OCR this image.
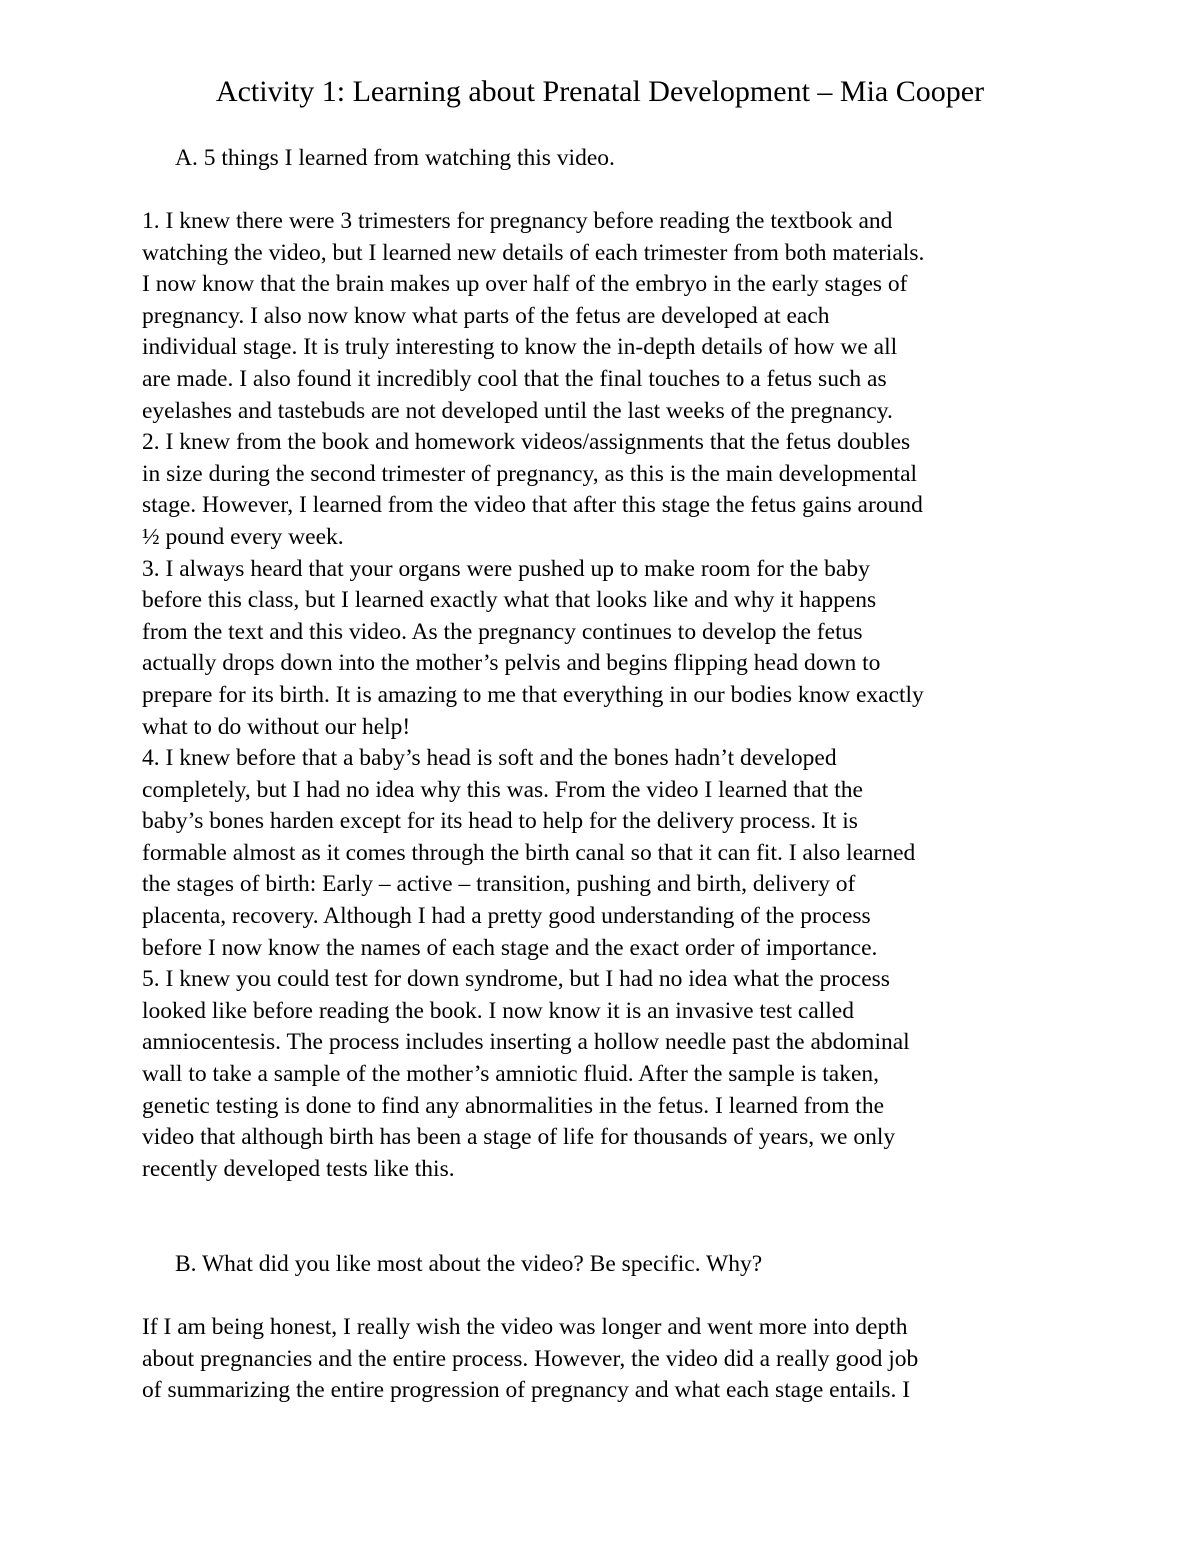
Activity 1: Learning about Prenatal Development – Mia Cooper

A. 5 things I learned from watching this video.

1. I knew there were 3 trimesters for pregnancy before reading the textbook and
watching the video, but I learned new details of each trimester from both materials.
I now know that the brain makes up over half of the embryo in the early stages of
pregnancy. I also now know what parts of the fetus are developed at each
individual stage. It is truly interesting to know the in-depth details of how we all
are made. I also found it incredibly cool that the final touches to a fetus such as
eyelashes and tastebuds are not developed until the last weeks of the pregnancy.
2. I knew from the book and homework videos/assignments that the fetus doubles
in size during the second trimester of pregnancy, as this is the main developmental
stage. However, I learned from the video that after this stage the fetus gains around
½ pound every week.
3. I always heard that your organs were pushed up to make room for the baby
before this class, but I learned exactly what that looks like and why it happens
from the text and this video. As the pregnancy continues to develop the fetus
actually drops down into the mother’s pelvis and begins flipping head down to
prepare for its birth. It is amazing to me that everything in our bodies know exactly
what to do without our help!
4. I knew before that a baby’s head is soft and the bones hadn’t developed
completely, but I had no idea why this was. From the video I learned that the
baby’s bones harden except for its head to help for the delivery process. It is
formable almost as it comes through the birth canal so that it can fit. I also learned
the stages of birth: Early – active – transition, pushing and birth, delivery of
placenta, recovery. Although I had a pretty good understanding of the process
before I now know the names of each stage and the exact order of importance.
5. I knew you could test for down syndrome, but I had no idea what the process
looked like before reading the book. I now know it is an invasive test called
amniocentesis. The process includes inserting a hollow needle past the abdominal
wall to take a sample of the mother’s amniotic fluid. After the sample is taken,
genetic testing is done to find any abnormalities in the fetus. I learned from the
video that although birth has been a stage of life for thousands of years, we only
recently developed tests like this.

B. What did you like most about the video? Be specific. Why?

If I am being honest, I really wish the video was longer and went more into depth
about pregnancies and the entire process. However, the video did a really good job
of summarizing the entire progression of pregnancy and what each stage entails. I
